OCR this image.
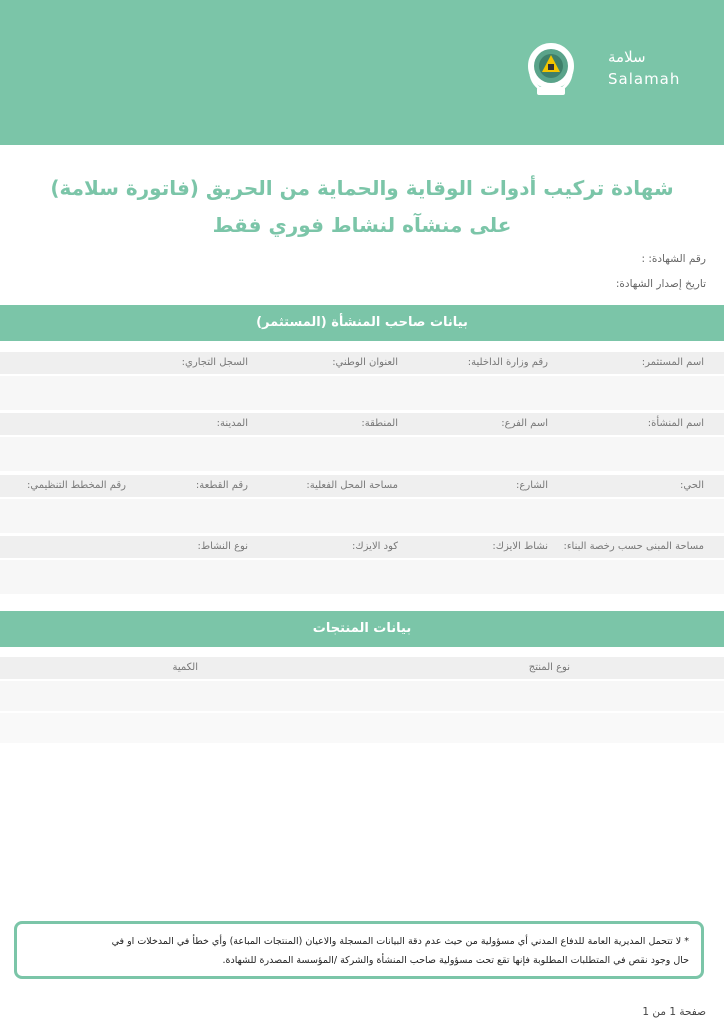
سلامة
Salamah
شهادة تركيب أدوات الوقاية والحماية من الحريق (فاتورة سلامة)
على منشآه لنشاط فوري فقط
رقم الشهادة: :
تاريخ إصدار الشهادة:
بيانات صاحب المنشأة (المستثمر)
اسم المستثمر:
رقم وزارة الداخلية:
العنوان الوطني:
السجل التجاري:
اسم المنشأة:
اسم الفرع:
المنطقة:
المدينة:
الحي:
الشارع:
مساحة المحل الفعلية:
رقم القطعة:
رقم المخطط التنظيمي:
مساحة المبنى حسب رخصة البناء:
نشاط الايزك:
كود الايزك:
نوع النشاط:
بيانات المنتجات
نوع المنتج
الكمية
* لا تتحمل المديرية العامة للدفاع المدني أي مسؤولية من حيث عدم دقة البيانات المسجلة والاعيان (المنتجات المباعة) وأي خطأ في المدخلات او في
حال وجود نقص في المتطلبات المطلوبة فإنها تقع تحت مسؤولية صاحب المنشأة والشركة /المؤسسة المصدرة للشهادة.
صفحة 1 من 1
